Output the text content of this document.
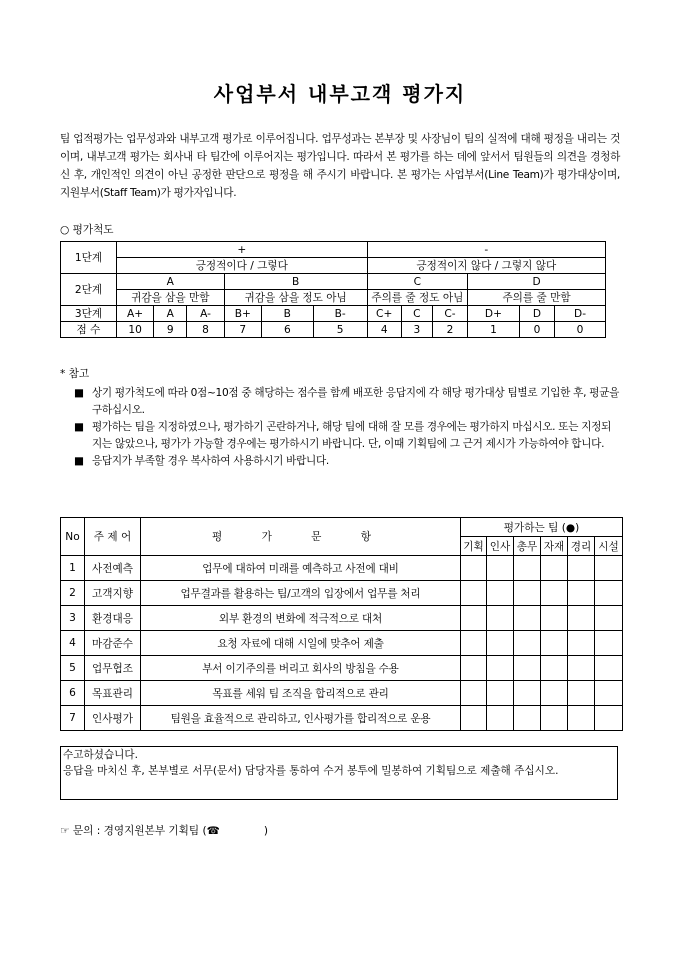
사업부서 내부고객 평가지
팀 업적평가는 업무성과와 내부고객 평가로 이루어집니다. 업무성과는 본부장 및 사장님이 팀의 실적에 대해 평정을 내리는 것이며, 내부고객 평가는 회사내 타 팀간에 이루어지는 평가입니다. 따라서 본 평가를 하는 데에 앞서서 팀원들의 의견을 경청하신 후, 개인적인 의견이 아닌 공정한 판단으로 평정을 해 주시기 바랍니다. 본 평가는 사업부서(Line Team)가 평가대상이며, 지원부서(Staff Team)가 평가자입니다.
○ 평가척도
1단계	+						-					
	긍정적이다 / 그렇다						긍정적이지 않다 / 그렇지 않다					
2단계	A			B			C			D		
	귀감을 삼을 만함			귀감을 삼을 정도 아님			주의를 줄 정도 아님			주의를 줄 만함		
3단계	A+	A	A-	B+	B	B-	C+	C	C-	D+	D	D-
점 수	10	9	8	7	6	5	4	3	2	1	0	0
* 참고
■ 상기 평가척도에 따라 0점~10점 중 해당하는 점수를 함께 배포한 응답지에 각 해당 평가대상 팀별로 기입한 후, 평균을 구하십시오.
■ 평가하는 팀을 지정하였으나, 평가하기 곤란하거나, 해당 팀에 대해 잘 모를 경우에는 평가하지 마십시오. 또는 지정되지는 않았으나, 평가가 가능할 경우에는 평가하시기 바랍니다. 단, 이때 기획팀에 그 근거 제시가 가능하여야 합니다.
■ 응답지가 부족할 경우 복사하여 사용하시기 바랍니다.
No	주 제 어	평 가 문 항	평가하는 팀 (●)					
			기획	인사	총무	자재	경리	시설
1	사전예측	업무에 대하여 미래를 예측하고 사전에 대비						
2	고객지향	업무결과를 활용하는 팀/고객의 입장에서 업무를 처리						
3	환경대응	외부 환경의 변화에 적극적으로 대처						
4	마감준수	요청 자료에 대해 시일에 맞추어 제출						
5	업무협조	부서 이기주의를 버리고 회사의 방침을 수용						
6	목표관리	목표를 세워 팀 조직을 합리적으로 관리						
7	인사평가	팀원을 효율적으로 관리하고, 인사평가를 합리적으로 운용						
수고하셨습니다.
응답을 마치신 후, 본부별로 서무(문서) 담당자를 통하여 수거 봉투에 밀봉하여 기획팀으로 제출해 주십시오.
☞ 문의 : 경영지원본부 기획팀 (☎	)
